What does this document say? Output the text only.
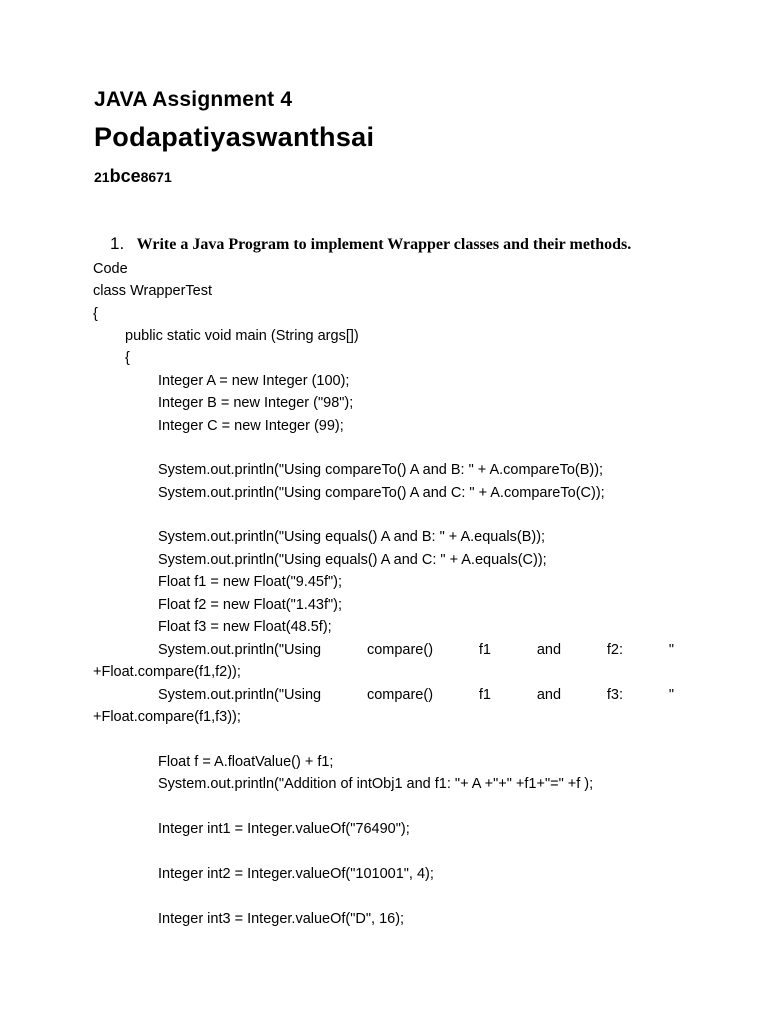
JAVA Assignment 4
Podapatiyaswanthsai
21bce8671
1. Write a Java Program to implement Wrapper classes and their methods.
Code
class WrapperTest
{
public static void main (String args[])
{
Integer A = new Integer (100);
Integer B = new Integer ("98");
Integer C = new Integer (99);
System.out.println("Using compareTo() A and B: " + A.compareTo(B));
System.out.println("Using compareTo() A and C: " + A.compareTo(C));
System.out.println("Using equals() A and B: " + A.equals(B));
System.out.println("Using equals() A and C: " + A.equals(C));
Float f1 = new Float("9.45f");
Float f2 = new Float("1.43f");
Float f3 = new Float(48.5f);
System.out.println("Using	compare()	f1	and	f2:	"
+Float.compare(f1,f2));
System.out.println("Using	compare()	f1	and	f3:	"
+Float.compare(f1,f3));
Float f = A.floatValue() + f1;
System.out.println("Addition of intObj1 and f1: "+ A +"+" +f1+"=" +f );
Integer int1 = Integer.valueOf("76490");
Integer int2 = Integer.valueOf("101001", 4);
Integer int3 = Integer.valueOf("D", 16);
